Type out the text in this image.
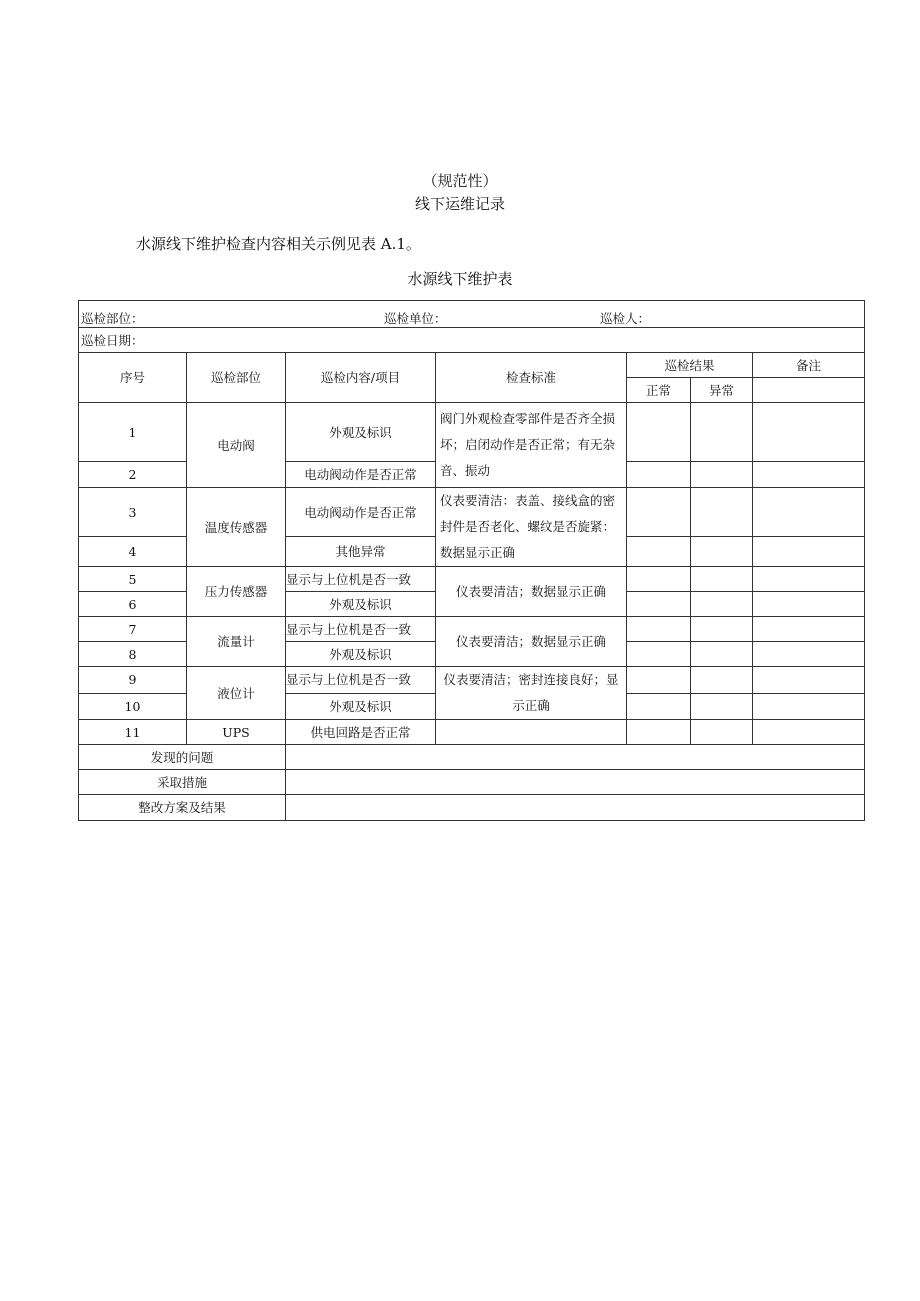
（规范性）
线下运维记录
水源线下维护检查内容相关示例见表 A.1。
水源线下维护表
巡检部位： 巡检单位： 巡检人：						

巡检日期：						
序号	巡检部位	巡检内容/项目	检查标准	巡检结果		备注
				正常	异常	
1	电动阀	外观及标识	阀门外观检查零部件是否齐全损坏；启闭动作是否正常；有无杂音、振动			
2		电动阀动作是否正常				
3	温度传感器	电动阀动作是否正常	仪表要清洁：表盖、接线盒的密封件是否老化、螺纹是否旋紧：数据显示正确			
4		其他异常				
5	压力传感器	显示与上位机是否一致	仪表要清洁；数据显示正确			
6		外观及标识				
7	流量计	显示与上位机是否一致	仪表要清洁；数据显示正确			
8		外观及标识				
9	液位计	显示与上位机是否一致	仪表要清洁；密封连接良好；显示正确			
10		外观及标识				
11	UPS	供电回路是否正常				
发现的问题						
采取措施						
整改方案及结果						
